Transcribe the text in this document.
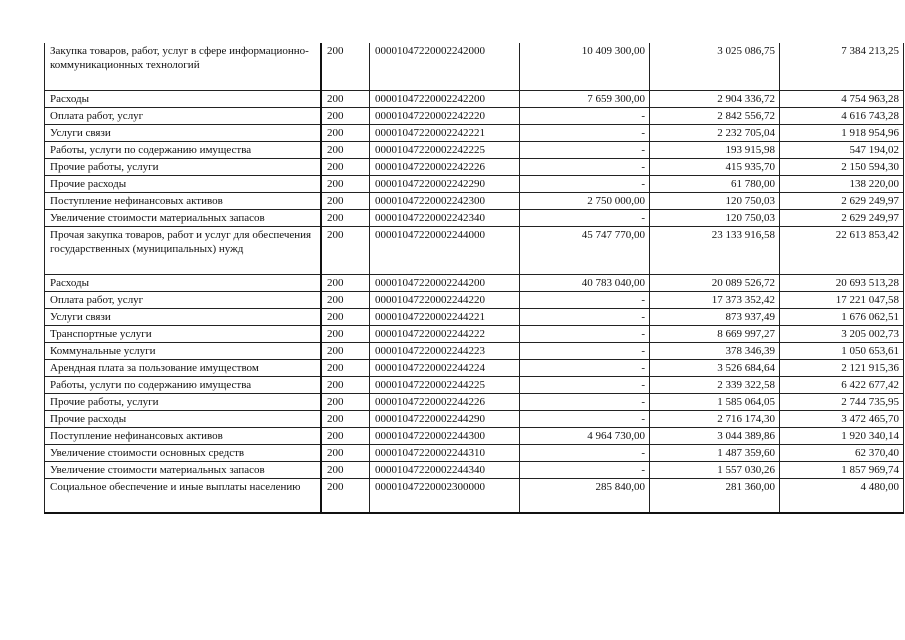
Закупка товаров, работ, услуг в сфере информационно-коммуникационных технологий	200	00001047220002242000	10 409 300,00	3 025 086,75	7 384 213,25
Расходы	200	00001047220002242200	7 659 300,00	2 904 336,72	4 754 963,28
Оплата работ, услуг	200	00001047220002242220	-	2 842 556,72	4 616 743,28
Услуги связи	200	00001047220002242221	-	2 232 705,04	1 918 954,96
Работы, услуги по содержанию имущества	200	00001047220002242225	-	193 915,98	547 194,02
Прочие работы, услуги	200	00001047220002242226	-	415 935,70	2 150 594,30
Прочие расходы	200	00001047220002242290	-	61 780,00	138 220,00
Поступление нефинансовых активов	200	00001047220002242300	2 750 000,00	120 750,03	2 629 249,97
Увеличение стоимости материальных запасов	200	00001047220002242340	-	120 750,03	2 629 249,97
Прочая закупка товаров, работ и услуг для обеспечения государственных (муниципальных) нужд	200	00001047220002244000	45 747 770,00	23 133 916,58	22 613 853,42
Расходы	200	00001047220002244200	40 783 040,00	20 089 526,72	20 693 513,28
Оплата работ, услуг	200	00001047220002244220	-	17 373 352,42	17 221 047,58
Услуги связи	200	00001047220002244221	-	873 937,49	1 676 062,51
Транспортные услуги	200	00001047220002244222	-	8 669 997,27	3 205 002,73
Коммунальные услуги	200	00001047220002244223	-	378 346,39	1 050 653,61
Арендная плата за пользование имуществом	200	00001047220002244224	-	3 526 684,64	2 121 915,36
Работы, услуги по содержанию имущества	200	00001047220002244225	-	2 339 322,58	6 422 677,42
Прочие работы, услуги	200	00001047220002244226	-	1 585 064,05	2 744 735,95
Прочие расходы	200	00001047220002244290	-	2 716 174,30	3 472 465,70
Поступление нефинансовых активов	200	00001047220002244300	4 964 730,00	3 044 389,86	1 920 340,14
Увеличение стоимости основных средств	200	00001047220002244310	-	1 487 359,60	62 370,40
Увеличение стоимости материальных запасов	200	00001047220002244340	-	1 557 030,26	1 857 969,74
Социальное обеспечение и иные выплаты населению	200	00001047220002300000	285 840,00	281 360,00	4 480,00
